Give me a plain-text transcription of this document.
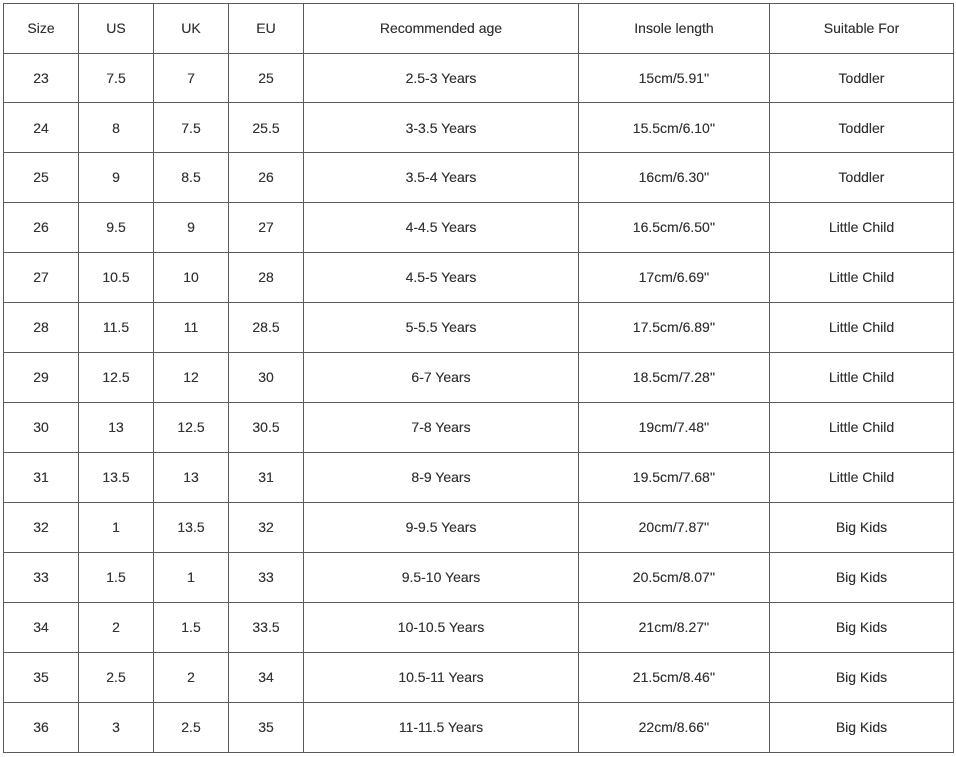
Size	US	UK	EU	Recommended age	Insole length	Suitable For
23	7.5	7	25	2.5-3 Years	15cm/5.91''	Toddler
24	8	7.5	25.5	3-3.5 Years	15.5cm/6.10''	Toddler
25	9	8.5	26	3.5-4 Years	16cm/6.30''	Toddler
26	9.5	9	27	4-4.5 Years	16.5cm/6.50''	Little Child
27	10.5	10	28	4.5-5 Years	17cm/6.69''	Little Child
28	11.5	11	28.5	5-5.5 Years	17.5cm/6.89''	Little Child
29	12.5	12	30	6-7 Years	18.5cm/7.28''	Little Child
30	13	12.5	30.5	7-8 Years	19cm/7.48''	Little Child
31	13.5	13	31	8-9 Years	19.5cm/7.68''	Little Child
32	1	13.5	32	9-9.5 Years	20cm/7.87''	Big Kids
33	1.5	1	33	9.5-10 Years	20.5cm/8.07''	Big Kids
34	2	1.5	33.5	10-10.5 Years	21cm/8.27''	Big Kids
35	2.5	2	34	10.5-11 Years	21.5cm/8.46''	Big Kids
36	3	2.5	35	11-11.5 Years	22cm/8.66''	Big Kids
